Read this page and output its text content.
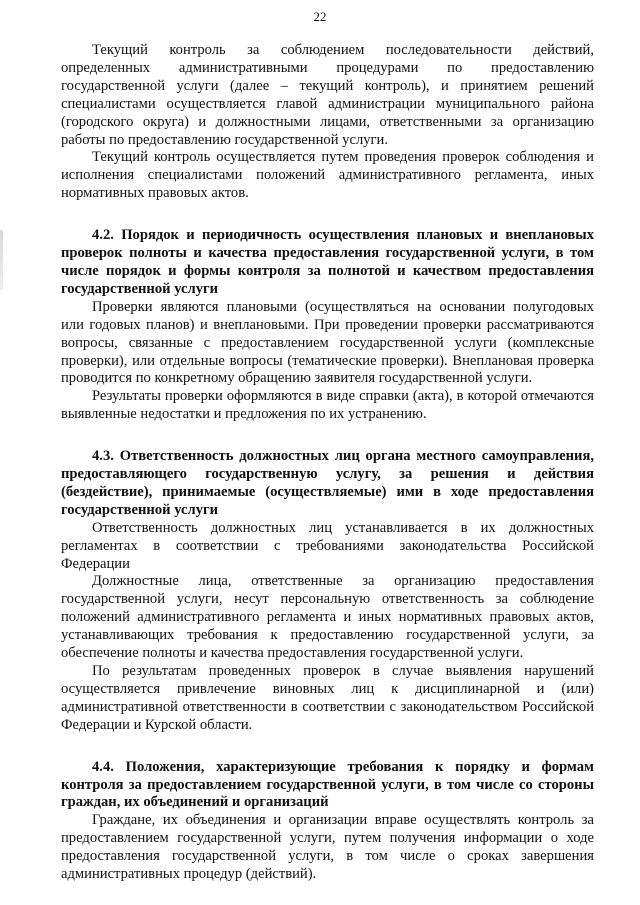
22

Текущий контроль за соблюдением последовательности действий, определенных административными процедурами по предоставлению государственной услуги (далее – текущий контроль), и принятием решений специалистами осуществляется главой администрации муниципального района (городского округа) и должностными лицами, ответственными за организацию работы по предоставлению государственной услуги.

Текущий контроль осуществляется путем проведения проверок соблюдения и исполнения специалистами положений административного регламента, иных нормативных правовых актов.

4.2. Порядок и периодичность осуществления плановых и внеплановых проверок полноты и качества предоставления государственной услуги, в том числе порядок и формы контроля за полнотой и качеством предоставления государственной услуги

Проверки являются плановыми (осуществляться на основании полугодовых или годовых планов) и внеплановыми. При проведении проверки рассматриваются вопросы, связанные с предоставлением государственной услуги (комплексные проверки), или отдельные вопросы (тематические проверки). Внеплановая проверка проводится по конкретному обращению заявителя государственной услуги.

Результаты проверки оформляются в виде справки (акта), в которой отмечаются выявленные недостатки и предложения по их устранению.

4.3. Ответственность должностных лиц органа местного самоуправления, предоставляющего государственную услугу, за решения и действия (бездействие), принимаемые (осуществляемые) ими в ходе предоставления государственной услуги

Ответственность должностных лиц устанавливается в их должностных регламентах в соответствии с требованиями законодательства Российской Федерации

Должностные лица, ответственные за организацию предоставления государственной услуги, несут персональную ответственность за соблюдение положений административного регламента и иных нормативных правовых актов, устанавливающих требования к предоставлению государственной услуги, за обеспечение полноты и качества предоставления государственной услуги.

По результатам проведенных проверок в случае выявления нарушений осуществляется привлечение виновных лиц к дисциплинарной и (или) административной ответственности в соответствии с законодательством Российской Федерации и Курской области.

4.4. Положения, характеризующие требования к порядку и формам контроля за предоставлением государственной услуги, в том числе со стороны граждан, их объединений и организаций

Граждане, их объединения и организации вправе осуществлять контроль за предоставлением государственной услуги, путем получения информации о ходе предоставления государственной услуги, в том числе о сроках завершения административных процедур (действий).
